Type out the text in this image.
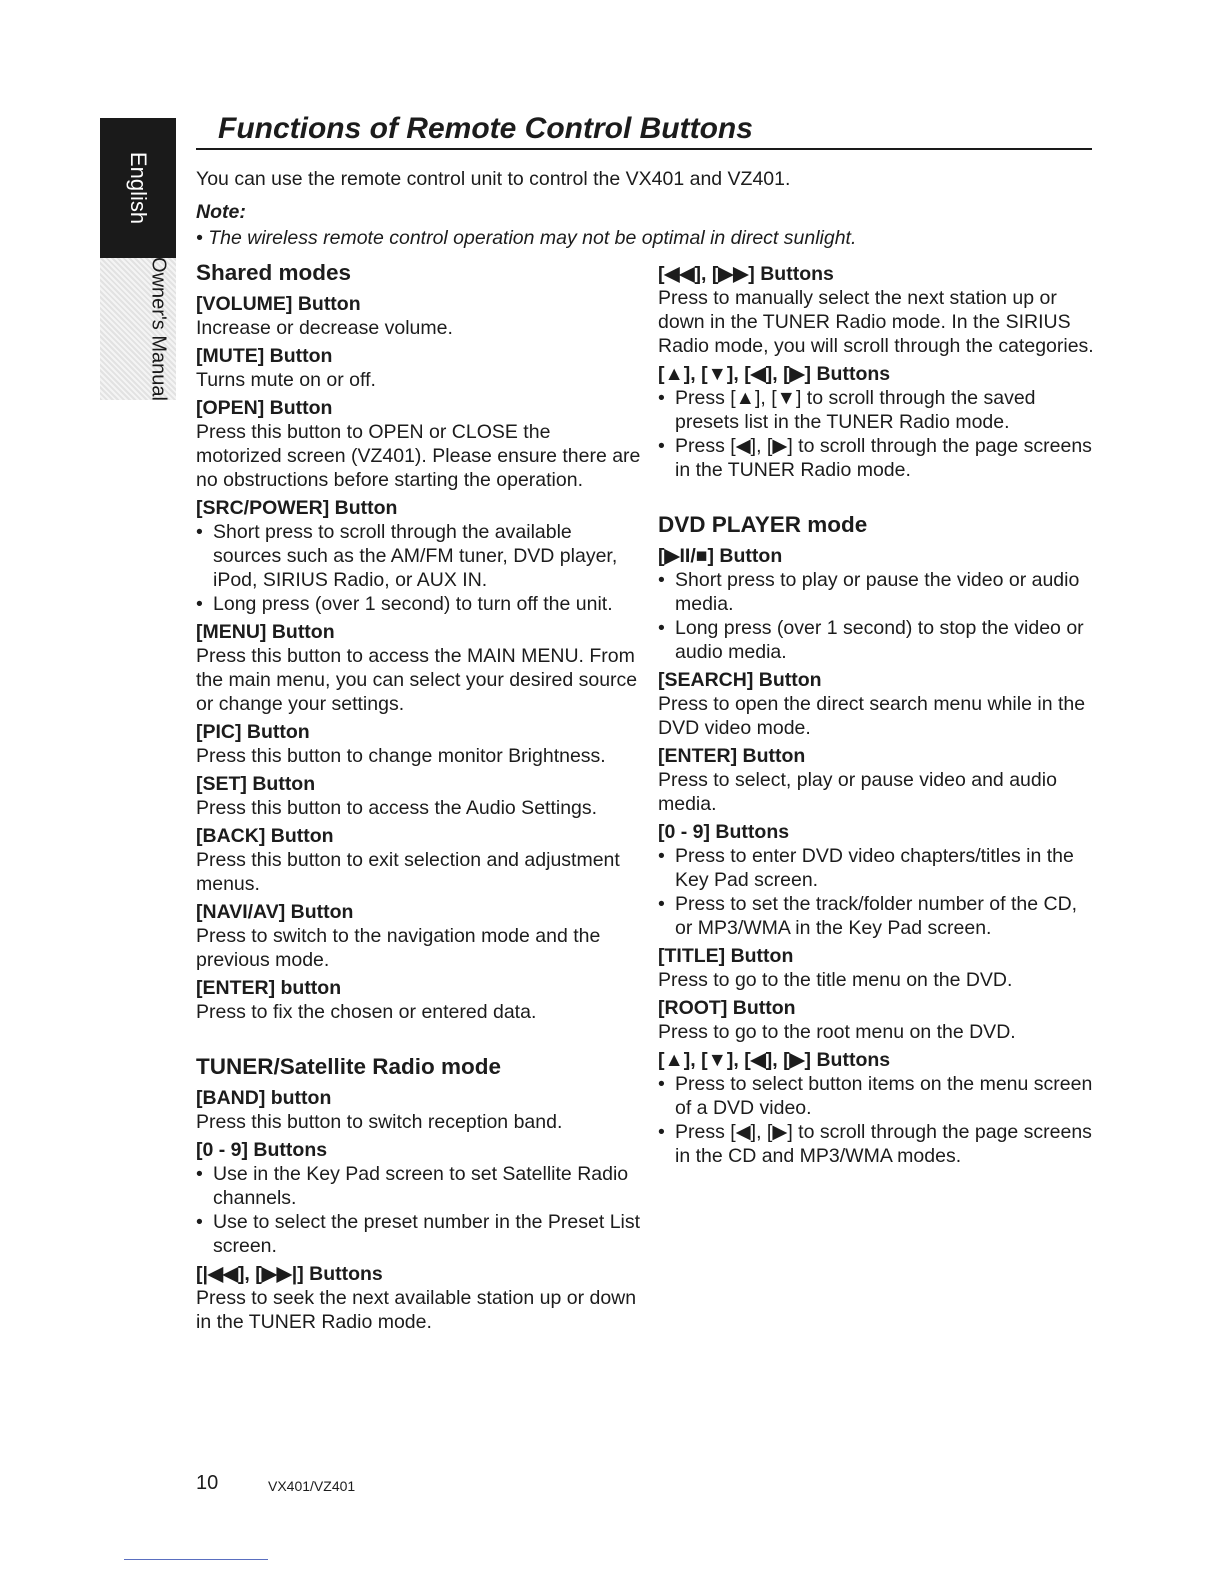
English
Owner's Manual
Functions of Remote Control Buttons

You can use the remote control unit to control the VX401 and VZ401.

Note:

• The wireless remote control operation may not be optimal in direct sunlight.

Shared modes

[VOLUME] Button

Increase or decrease volume.

[MUTE] Button

Turns mute on or off.

[OPEN] Button

Press this button to OPEN or CLOSE the motorized screen (VZ401). Please ensure there are no obstructions before starting the operation.

[SRC/POWER] Button

• Short press to scroll through the available sources such as the AM/FM tuner, DVD player, iPod, SIRIUS Radio, or AUX IN.

• Long press (over 1 second) to turn off the unit.

[MENU] Button

Press this button to access the MAIN MENU. From the main menu, you can select your desired source or change your settings.

[PIC] Button

Press this button to change monitor Brightness.

[SET] Button

Press this button to access the Audio Settings.

[BACK] Button

Press this button to exit selection and adjustment menus.

[NAVI/AV] Button

Press to switch to the navigation mode and the previous mode.

[ENTER] button

Press to fix the chosen or entered data.

TUNER/Satellite Radio mode

[BAND] button

Press this button to switch reception band.

[0 - 9] Buttons

• Use in the Key Pad screen to set Satellite Radio channels.

• Use to select the preset number in the Preset List screen.

[|◀◀], [▶▶|] Buttons

Press to seek the next available station up or down in the TUNER Radio mode.

[◀◀], [▶▶] Buttons

Press to manually select the next station up or down in the TUNER Radio mode. In the SIRIUS Radio mode, you will scroll through the categories.

[▲], [▼], [◀], [▶] Buttons

• Press [▲], [▼] to scroll through the saved presets list in the TUNER Radio mode.

• Press [◀], [▶] to scroll through the page screens in the TUNER Radio mode.

DVD PLAYER mode

[▶II/■] Button

• Short press to play or pause the video or audio media.

• Long press (over 1 second) to stop the video or audio media.

[SEARCH] Button

Press to open the direct search menu while in the DVD video mode.

[ENTER] Button

Press to select, play or pause video and audio media.

[0 - 9] Buttons

• Press to enter DVD video chapters/titles in the Key Pad screen.

• Press to set the track/folder number of the CD, or MP3/WMA in the Key Pad screen.

[TITLE] Button

Press to go to the title menu on the DVD.

[ROOT] Button

Press to go to the root menu on the DVD.

[▲], [▼], [◀], [▶] Buttons

• Press to select button items on the menu screen of a DVD video.

• Press [◀], [▶] to scroll through the page screens in the CD and MP3/WMA modes.

10	VX401/VZ401
